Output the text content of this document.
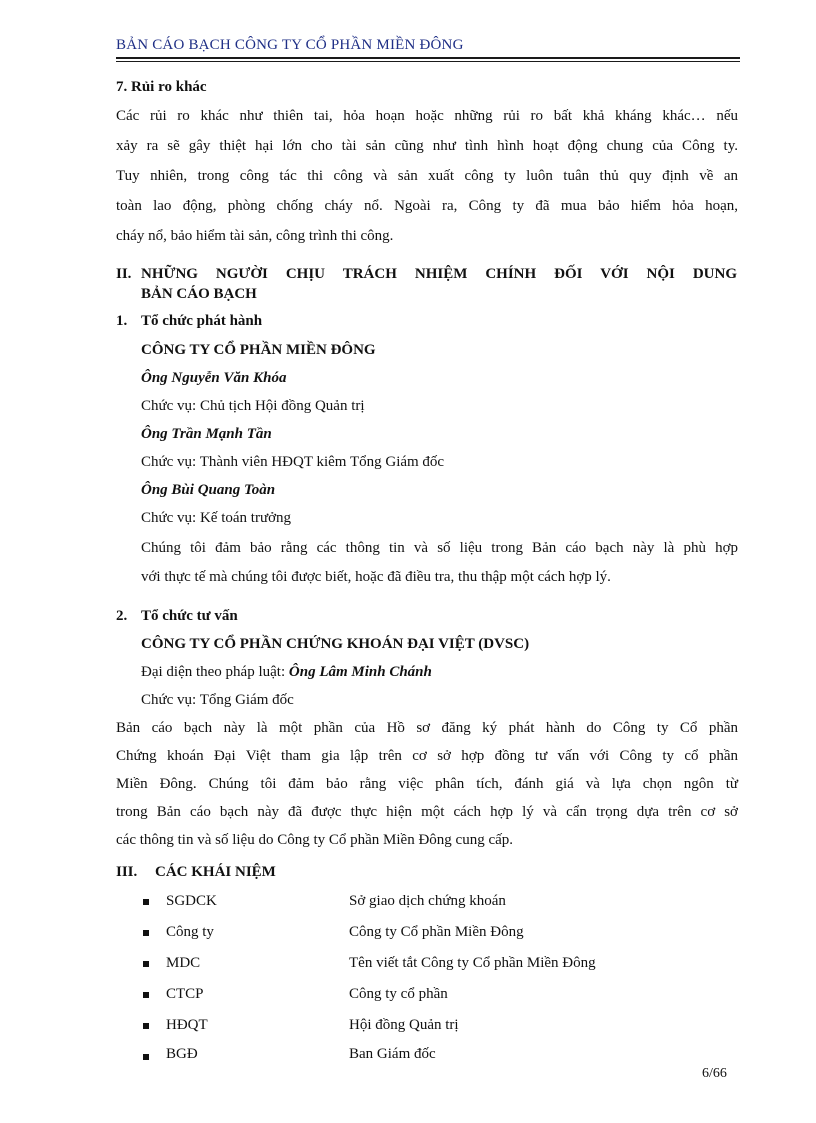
BẢN CÁO BẠCH CÔNG TY CỔ PHẦN MIỀN ĐÔNG
7. Rủi ro khác
Các rủi ro khác như thiên tai, hỏa hoạn hoặc những rủi ro bất khả kháng khác… nếu
xảy ra sẽ gây thiệt hại lớn cho tài sản cũng như tình hình hoạt động chung của Công ty.
Tuy nhiên, trong công tác thi công và sản xuất công ty luôn tuân thủ quy định về an
toàn lao động, phòng chống cháy nổ. Ngoài ra, Công ty đã mua bảo hiểm hỏa hoạn,
cháy nổ, bảo hiểm tài sản, công trình thi công.
II. NHỮNG NGƯỜI CHỊU TRÁCH NHIỆM CHÍNH ĐỐI VỚI NỘI DUNG
BẢN CÁO BẠCH
1. Tổ chức phát hành
CÔNG TY CỔ PHẦN MIỀN ĐÔNG
Ông Nguyễn Văn Khóa
Chức vụ: Chủ tịch Hội đồng Quản trị
Ông Trần Mạnh Tần
Chức vụ: Thành viên HĐQT kiêm Tổng Giám đốc
Ông Bùi Quang Toàn
Chức vụ: Kế toán trưởng
Chúng tôi đảm bảo rằng các thông tin và số liệu trong Bản cáo bạch này là phù hợp
với thực tế mà chúng tôi được biết, hoặc đã điều tra, thu thập một cách hợp lý.
2. Tổ chức tư vấn
CÔNG TY CỔ PHẦN CHỨNG KHOÁN ĐẠI VIỆT (DVSC)
Đại diện theo pháp luật: Ông Lâm Minh Chánh
Chức vụ: Tổng Giám đốc
Bản cáo bạch này là một phần của Hồ sơ đăng ký phát hành do Công ty Cổ phần
Chứng khoán Đại Việt tham gia lập trên cơ sở hợp đồng tư vấn với Công ty cổ phần
Miền Đông. Chúng tôi đảm bảo rằng việc phân tích, đánh giá và lựa chọn ngôn từ
trong Bản cáo bạch này đã được thực hiện một cách hợp lý và cẩn trọng dựa trên cơ sở
các thông tin và số liệu do Công ty Cổ phần Miền Đông cung cấp.
III. CÁC KHÁI NIỆM
SGDCK	Sở giao dịch chứng khoán
Công ty	Công ty Cổ phần Miền Đông
MDC	Tên viết tắt Công ty Cổ phần Miền Đông
CTCP	Công ty cổ phần
HĐQT	Hội đồng Quản trị
BGĐ	Ban Giám đốc
6/66
